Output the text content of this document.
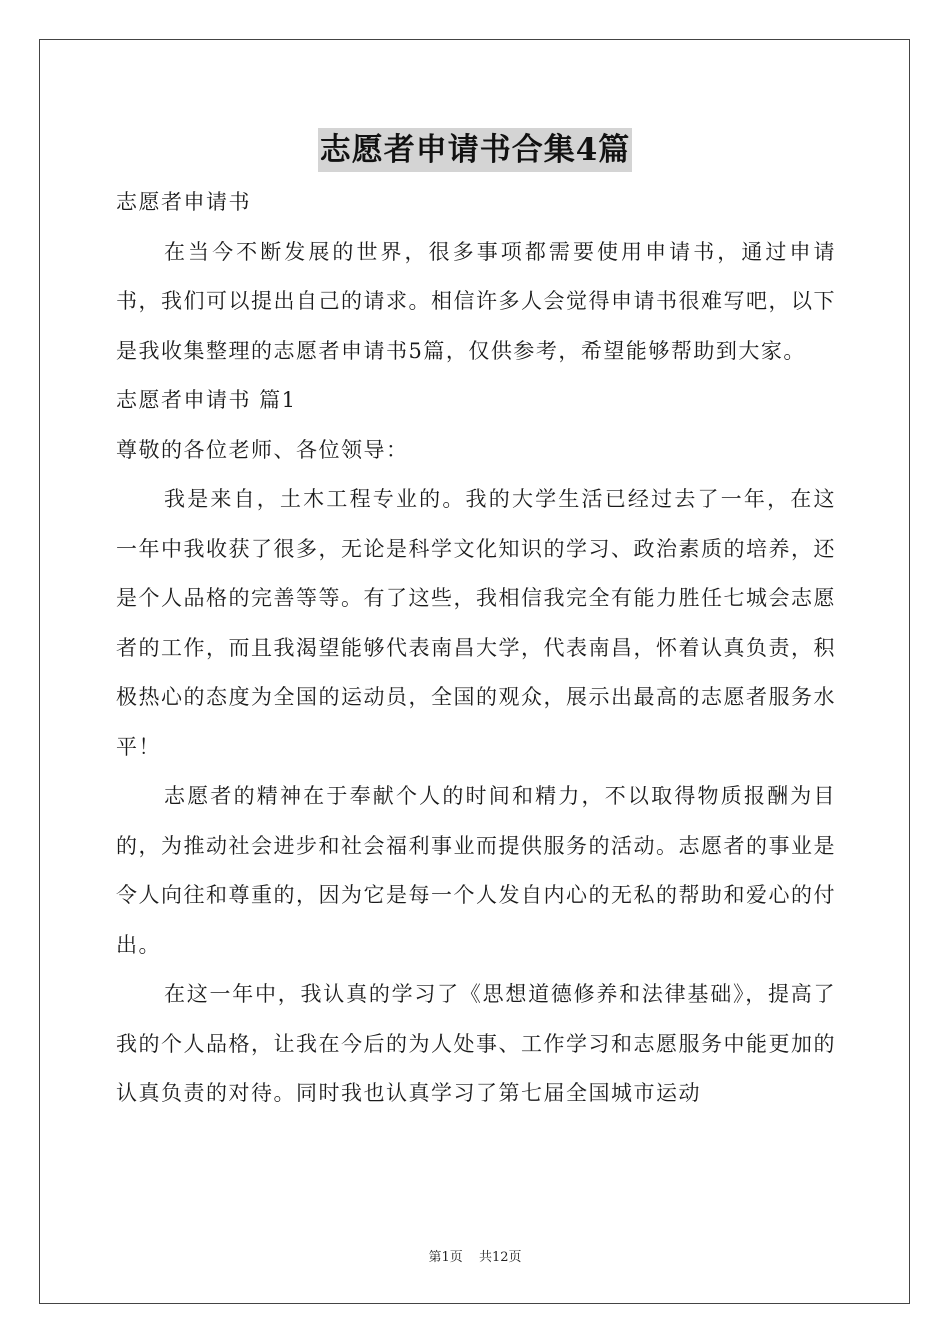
志愿者申请书合集4篇

志愿者申请书

在当今不断发展的世界，很多事项都需要使用申请书，通过申请书，我们可以提出自己的请求。相信许多人会觉得申请书很难写吧，以下是我收集整理的志愿者申请书5篇，仅供参考，希望能够帮助到大家。

志愿者申请书 篇1

尊敬的各位老师、各位领导：

我是来自，土木工程专业的。我的大学生活已经过去了一年，在这一年中我收获了很多，无论是科学文化知识的学习、政治素质的培养，还是个人品格的完善等等。有了这些，我相信我完全有能力胜任七城会志愿者的工作，而且我渴望能够代表南昌大学，代表南昌，怀着认真负责，积极热心的态度为全国的运动员，全国的观众，展示出最高的志愿者服务水平！

志愿者的精神在于奉献个人的时间和精力，不以取得物质报酬为目的，为推动社会进步和社会福利事业而提供服务的活动。志愿者的事业是令人向往和尊重的，因为它是每一个人发自内心的无私的帮助和爱心的付出。

在这一年中，我认真的学习了《思想道德修养和法律基础》，提高了我的个人品格，让我在今后的为人处事、工作学习和志愿服务中能更加的认真负责的对待。同时我也认真学习了第七届全国城市运动

第1页 共12页
